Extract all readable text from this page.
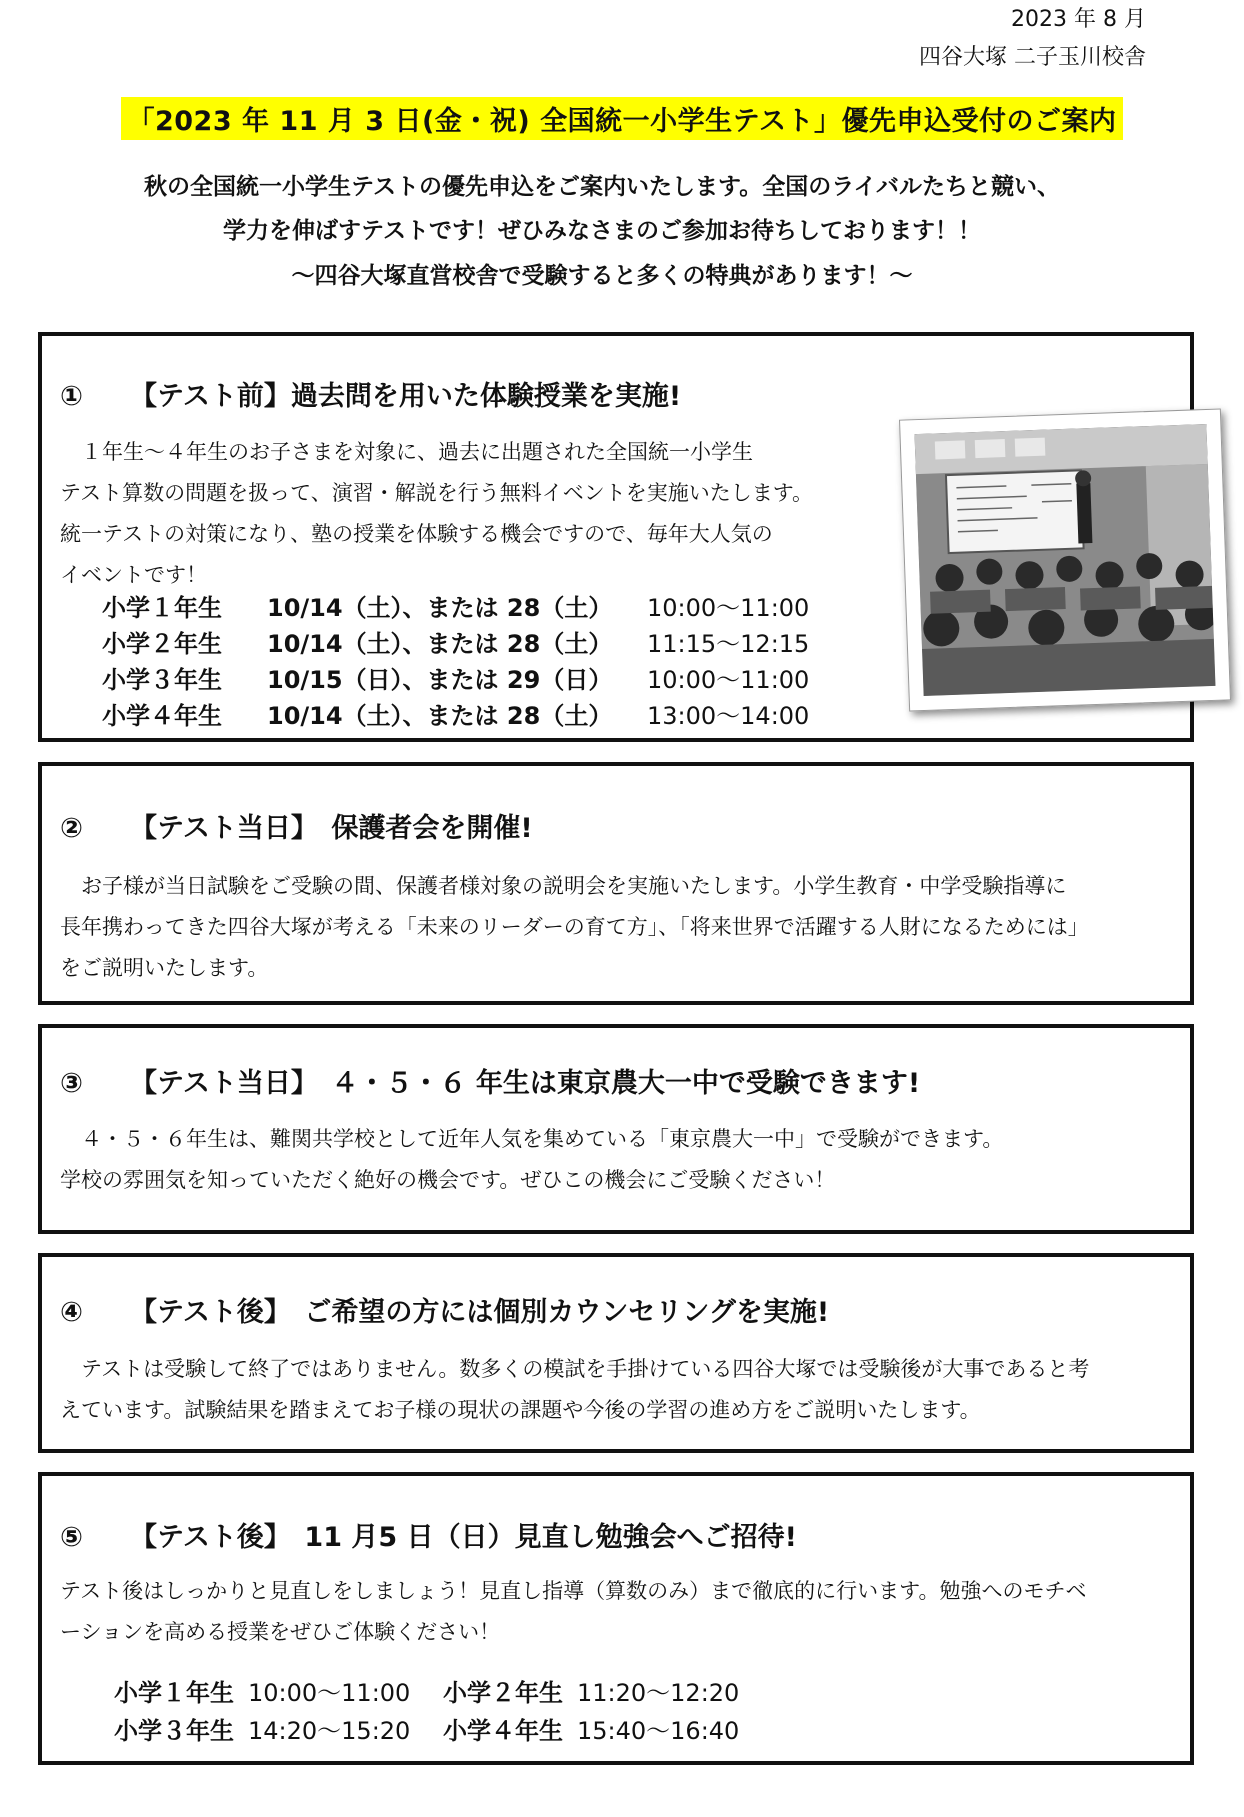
2023 年 8 月
四谷大塚 二子玉川校舎
「2023 年 11 月 3 日(金・祝) 全国統一小学生テスト」優先申込受付のご案内
秋の全国統一小学生テストの優先申込をご案内いたします。全国のライバルたちと競い、
学力を伸ばすテストです！ぜひみなさまのご参加お待ちしております！！
～四谷大塚直営校舎で受験すると多くの特典があります！～
① 【テスト前】過去問を用いた体験授業を実施!
　１年生～４年生のお子さまを対象に、過去に出題された全国統一小学生
テスト算数の問題を扱って、演習・解説を行う無料イベントを実施いたします。
統一テストの対策になり、塾の授業を体験する機会ですので、毎年大人気の
イベントです！
小学１年生 10/14（土）、または 28（土） 10:00～11:00
小学２年生 10/14（土）、または 28（土） 11:15～12:15
小学３年生 10/15（日）、または 29（日） 10:00～11:00
小学４年生 10/14（土）、または 28（土） 13:00～14:00
② 【テスト当日】　保護者会を開催!
　お子様が当日試験をご受験の間、保護者様対象の説明会を実施いたします。小学生教育・中学受験指導に
長年携わってきた四谷大塚が考える「未来のリーダーの育て方」、「将来世界で活躍する人財になるためには」
をご説明いたします。
③ 【テスト当日】　４・５・６ 年生は東京農大一中で受験できます!
　４・５・６年生は、難関共学校として近年人気を集めている「東京農大一中」で受験ができます。
学校の雰囲気を知っていただく絶好の機会です。ぜひこの機会にご受験ください！
④ 【テスト後】　ご希望の方には個別カウンセリングを実施!
　テストは受験して終了ではありません。数多くの模試を手掛けている四谷大塚では受験後が大事であると考
えています。試験結果を踏まえてお子様の現状の課題や今後の学習の進め方をご説明いたします。
⑤ 【テスト後】　11 月5 日（日）見直し勉強会へご招待!
テスト後はしっかりと見直しをしましょう！見直し指導（算数のみ）まで徹底的に行います。勉強へのモチベ
ーションを高める授業をぜひご体験ください！
小学１年生 10:00～11:00 小学２年生 11:20～12:20
小学３年生 14:20～15:20 小学４年生 15:40～16:40
